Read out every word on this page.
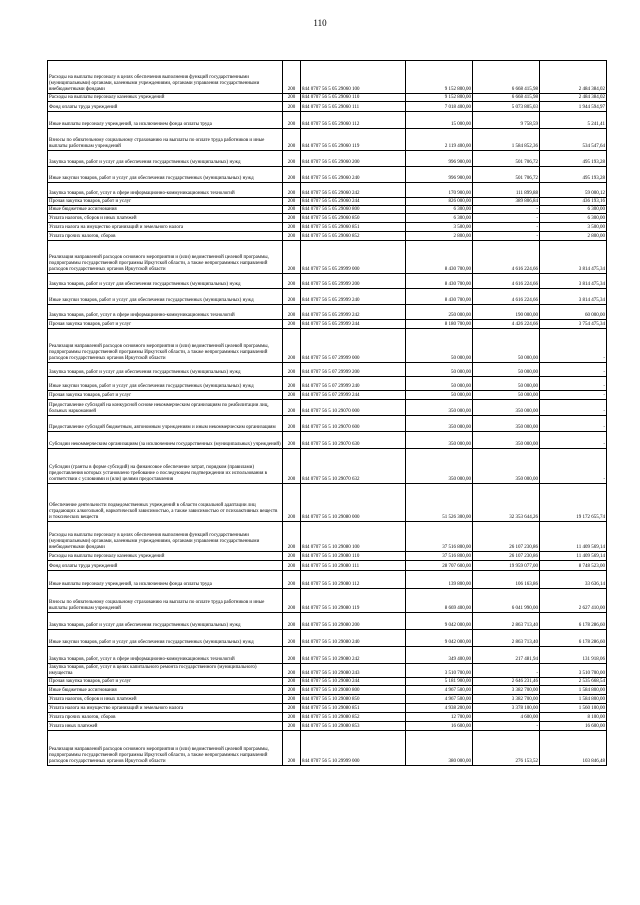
110
Расходы на выплаты персоналу в целях обеспечения выполнения функций государственными (муниципальными) органами, казенными учреждениями, органами управления государственными внебюджетными фондами	200	844 0707 56 5 05 29060 100	9 152 800,00	6 668 415,98	2 484 384,02
Расходы на выплаты персоналу казенных учреждений	200	844 0707 56 5 05 29060 110	9 152 800,00	6 668 415,98	2 484 384,02
Фонд оплаты труда учреждений	200	844 0707 56 5 05 29060 111	7 018 400,00	5 073 805,03	1 944 594,97
Иные выплаты персоналу учреждений, за исключением фонда оплаты труда	200	844 0707 56 5 05 29060 112	15 000,00	9 758,59	5 241,41
Взносы по обязательному социальному страхованию на выплаты по оплате труда работников и иные выплаты работникам учреждений	200	844 0707 56 5 05 29060 119	2 119 400,00	1 584 852,36	534 547,64
Закупка товаров, работ и услуг для обеспечения государственных (муниципальных) нужд	200	844 0707 56 5 05 29060 200	996 900,00	501 706,72	495 193,28
Иные закупки товаров, работ и услуг для обеспечения государственных (муниципальных) нужд	200	844 0707 56 5 05 29060 240	996 900,00	501 706,72	495 193,28
Закупка товаров, работ, услуг в сфере информационно-коммуникационных технологий	200	844 0707 56 5 05 29060 242	170 900,00	111 899,88	59 000,12
Прочая закупка товаров, работ и услуг	200	844 0707 56 5 05 29060 244	826 000,00	389 806,84	436 193,16
Иные бюджетные ассигнования	200	844 0707 56 5 05 29060 800	6 300,00	-	6 300,00
Уплата налогов, сборов и иных платежей	200	844 0707 56 5 05 29060 850	6 300,00	-	6 300,00
Уплата налога на имущество организаций и земельного налога	200	844 0707 56 5 05 29060 851	3 500,00	-	3 500,00
Уплата прочих налогов, сборов	200	844 0707 56 5 05 29060 852	2 800,00	-	2 800,00
Реализация направлений расходов основного мероприятия и (или) ведомственной целевой программы, подпрограммы государственной программы Иркутской области, а также непрограммных направлений расходов государственных органов Иркутской области	200	844 0707 56 5 05 29999 000	8 430 700,00	4 616 224,66	3 814 475,34
Закупка товаров, работ и услуг для обеспечения государственных (муниципальных) нужд	200	844 0707 56 5 05 29999 200	8 430 700,00	4 616 224,66	3 814 475,34
Иные закупки товаров, работ и услуг для обеспечения государственных (муниципальных) нужд	200	844 0707 56 5 05 29999 240	8 430 700,00	4 616 224,66	3 814 475,34
Закупка товаров, работ, услуг в сфере информационно-коммуникационных технологий	200	844 0707 56 5 05 29999 242	250 000,00	190 000,00	60 000,00
Прочая закупка товаров, работ и услуг	200	844 0707 56 5 05 29999 244	8 180 700,00	4 426 224,66	3 754 475,34
Реализация направлений расходов основного мероприятия и (или) ведомственной целевой программы, подпрограммы государственной программы Иркутской области, а также непрограммных направлений расходов государственных органов Иркутской области	200	844 0707 56 5 07 29999 000	50 000,00	50 000,00	-
Закупка товаров, работ и услуг для обеспечения государственных (муниципальных) нужд	200	844 0707 56 5 07 29999 200	50 000,00	50 000,00	-
Иные закупки товаров, работ и услуг для обеспечения государственных (муниципальных) нужд	200	844 0707 56 5 07 29999 240	50 000,00	50 000,00	-
Прочая закупка товаров, работ и услуг	200	844 0707 56 5 07 29999 244	50 000,00	50 000,00	-
Предоставление субсидий на конкурсной основе некоммерческим организациям по реабилитации лиц, больных наркоманией	200	844 0707 56 5 10 29070 000	350 000,00	350 000,00	-
Предоставление субсидий бюджетным, автономным учреждениям и иным некоммерческим организациям	200	844 0707 56 5 10 29070 600	350 000,00	350 000,00	-
Субсидии некоммерческим организациям (за исключением государственных (муниципальных) учреждений)	200	844 0707 56 5 10 29070 630	350 000,00	350 000,00	-
Субсидии (гранты в форме субсидий) на финансовое обеспечение затрат, порядком (правилами) предоставления которых установлено требование о последующем подтверждении их использования в соответствии с условиями и (или) целями предоставления	200	844 0707 56 5 10 29070 632	350 000,00	350 000,00	-
Обеспечение деятельности подведомственных учреждений в области социальной адаптации лиц страдающих алкогольной, наркотической зависимостью, а также зависимостью от психоактивных веществ и токсических веществ	200	844 0707 56 5 10 29080 000	51 526 300,00	32 353 644,26	19 172 655,74
Расходы на выплаты персоналу в целях обеспечения выполнения функций государственными (муниципальными) органами, казенными учреждениями, органами управления государственными внебюджетными фондами	200	844 0707 56 5 10 29080 100	37 516 800,00	26 107 230,86	11 409 569,14
Расходы на выплаты персоналу казенных учреждений	200	844 0707 56 5 10 29080 110	37 516 800,00	26 107 230,86	11 409 569,14
Фонд оплаты труда учреждений	200	844 0707 56 5 10 29080 111	28 707 600,00	19 959 077,00	8 748 523,00
Иные выплаты персоналу учреждений, за исключением фонда оплаты труда	200	844 0707 56 5 10 29080 112	139 800,00	106 163,86	33 636,14
Взносы по обязательному социальному страхованию на выплаты по оплате труда работников и иные выплаты работникам учреждений	200	844 0707 56 5 10 29080 119	8 669 400,00	6 041 990,00	2 627 410,00
Закупка товаров, работ и услуг для обеспечения государственных (муниципальных) нужд	200	844 0707 56 5 10 29080 200	9 042 000,00	2 863 713,40	6 178 286,60
Иные закупки товаров, работ и услуг для обеспечения государственных (муниципальных) нужд	200	844 0707 56 5 10 29080 240	9 042 000,00	2 863 713,40	6 178 286,60
Закупка товаров, работ, услуг в сфере информационно-коммуникационных технологий	200	844 0707 56 5 10 29080 242	349 400,00	217 481,94	131 918,06
Закупка товаров, работ, услуг в целях капитального ремонта государственного (муниципального) имущества	200	844 0707 56 5 10 29080 243	3 510 700,00	-	3 510 700,00
Прочая закупка товаров, работ и услуг	200	844 0707 56 5 10 29080 244	5 181 900,00	2 646 231,46	2 535 668,54
Иные бюджетные ассигнования	200	844 0707 56 5 10 29080 800	4 967 500,00	3 382 700,00	1 584 800,00
Уплата налогов, сборов и иных платежей	200	844 0707 56 5 10 29080 850	4 967 500,00	3 382 700,00	1 584 800,00
Уплата налога на имущество организаций и земельного налога	200	844 0707 56 5 10 29080 851	4 938 200,00	3 378 100,00	1 560 100,00
Уплата прочих налогов, сборов	200	844 0707 56 5 10 29080 852	12 700,00	4 600,00	8 100,00
Уплата иных платежей	200	844 0707 56 5 10 29080 853	16 600,00	-	16 600,00
Реализация направлений расходов основного мероприятия и (или) ведомственной целевой программы, подпрограммы государственной программы Иркутской области, а также непрограммных направлений расходов государственных органов Иркутской области	200	844 0707 56 5 10 29999 000	380 000,00	276 153,52	103 846,48
